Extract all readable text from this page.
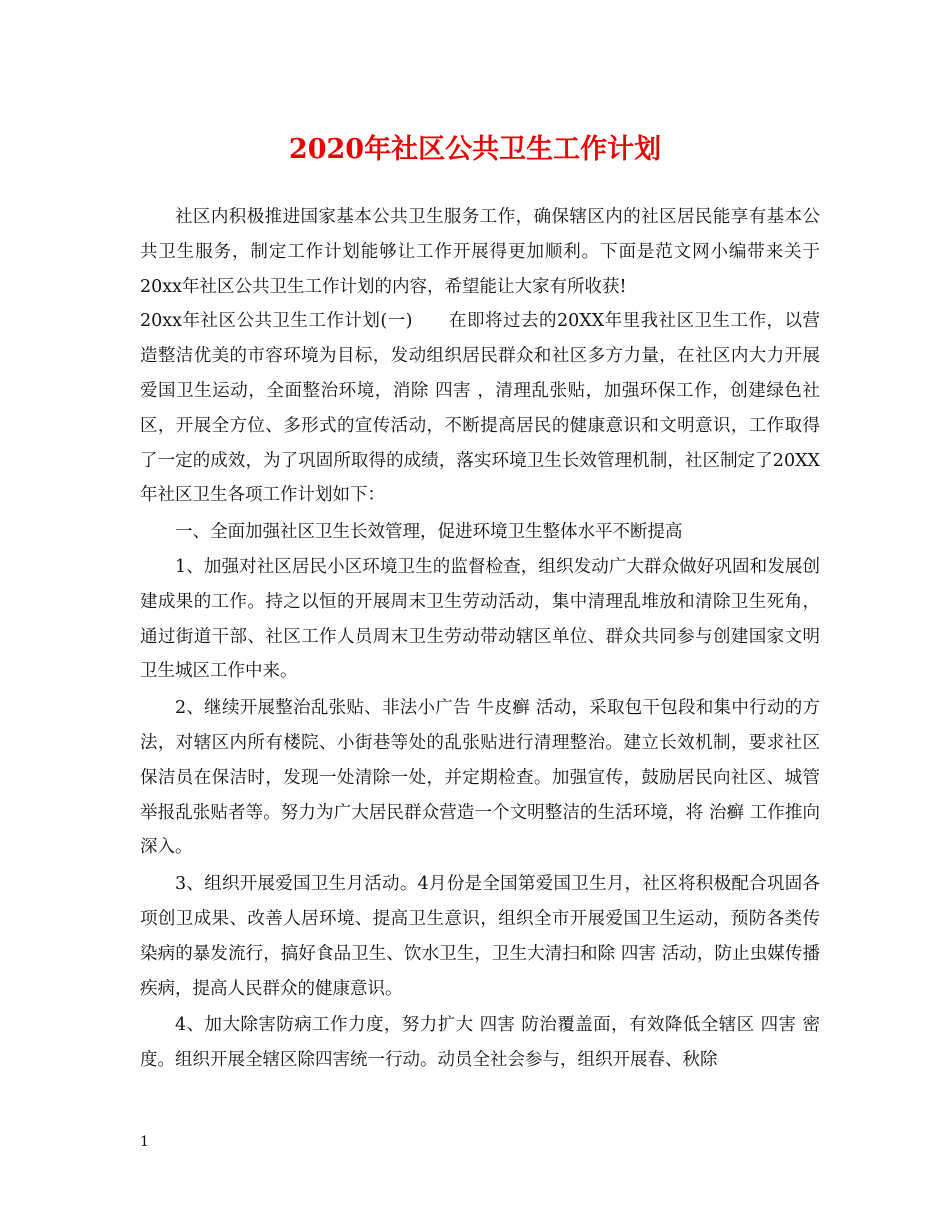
2020年社区公共卫生工作计划

社区内积极推进国家基本公共卫生服务工作，确保辖区内的社区居民能享有基本公共卫生服务，制定工作计划能够让工作开展得更加顺利。下面是范文网小编带来关于20xx年社区公共卫生工作计划的内容，希望能让大家有所收获!

20xx年社区公共卫生工作计划(一) 在即将过去的20XX年里我社区卫生工作，以营造整洁优美的市容环境为目标，发动组织居民群众和社区多方力量，在社区内大力开展爱国卫生运动，全面整治环境，消除 四害 ，清理乱张贴，加强环保工作，创建绿色社区，开展全方位、多形式的宣传活动，不断提高居民的健康意识和文明意识，工作取得了一定的成效，为了巩固所取得的成绩，落实环境卫生长效管理机制，社区制定了20XX年社区卫生各项工作计划如下：

一、全面加强社区卫生长效管理，促进环境卫生整体水平不断提高

1、加强对社区居民小区环境卫生的监督检查，组织发动广大群众做好巩固和发展创建成果的工作。持之以恒的开展周末卫生劳动活动，集中清理乱堆放和清除卫生死角，通过街道干部、社区工作人员周末卫生劳动带动辖区单位、群众共同参与创建国家文明卫生城区工作中来。

2、继续开展整治乱张贴、非法小广告 牛皮癣 活动，采取包干包段和集中行动的方法，对辖区内所有楼院、小街巷等处的乱张贴进行清理整治。建立长效机制，要求社区保洁员在保洁时，发现一处清除一处，并定期检查。加强宣传，鼓励居民向社区、城管举报乱张贴者等。努力为广大居民群众营造一个文明整洁的生活环境，将 治癣 工作推向深入。

3、组织开展爱国卫生月活动。4月份是全国第爱国卫生月，社区将积极配合巩固各项创卫成果、改善人居环境、提高卫生意识，组织全市开展爱国卫生运动，预防各类传染病的暴发流行，搞好食品卫生、饮水卫生，卫生大清扫和除 四害 活动，防止虫媒传播疾病，提高人民群众的健康意识。

4、加大除害防病工作力度，努力扩大 四害 防治覆盖面，有效降低全辖区 四害 密度。组织开展全辖区除四害统一行动。动员全社会参与，组织开展春、秋除

1
